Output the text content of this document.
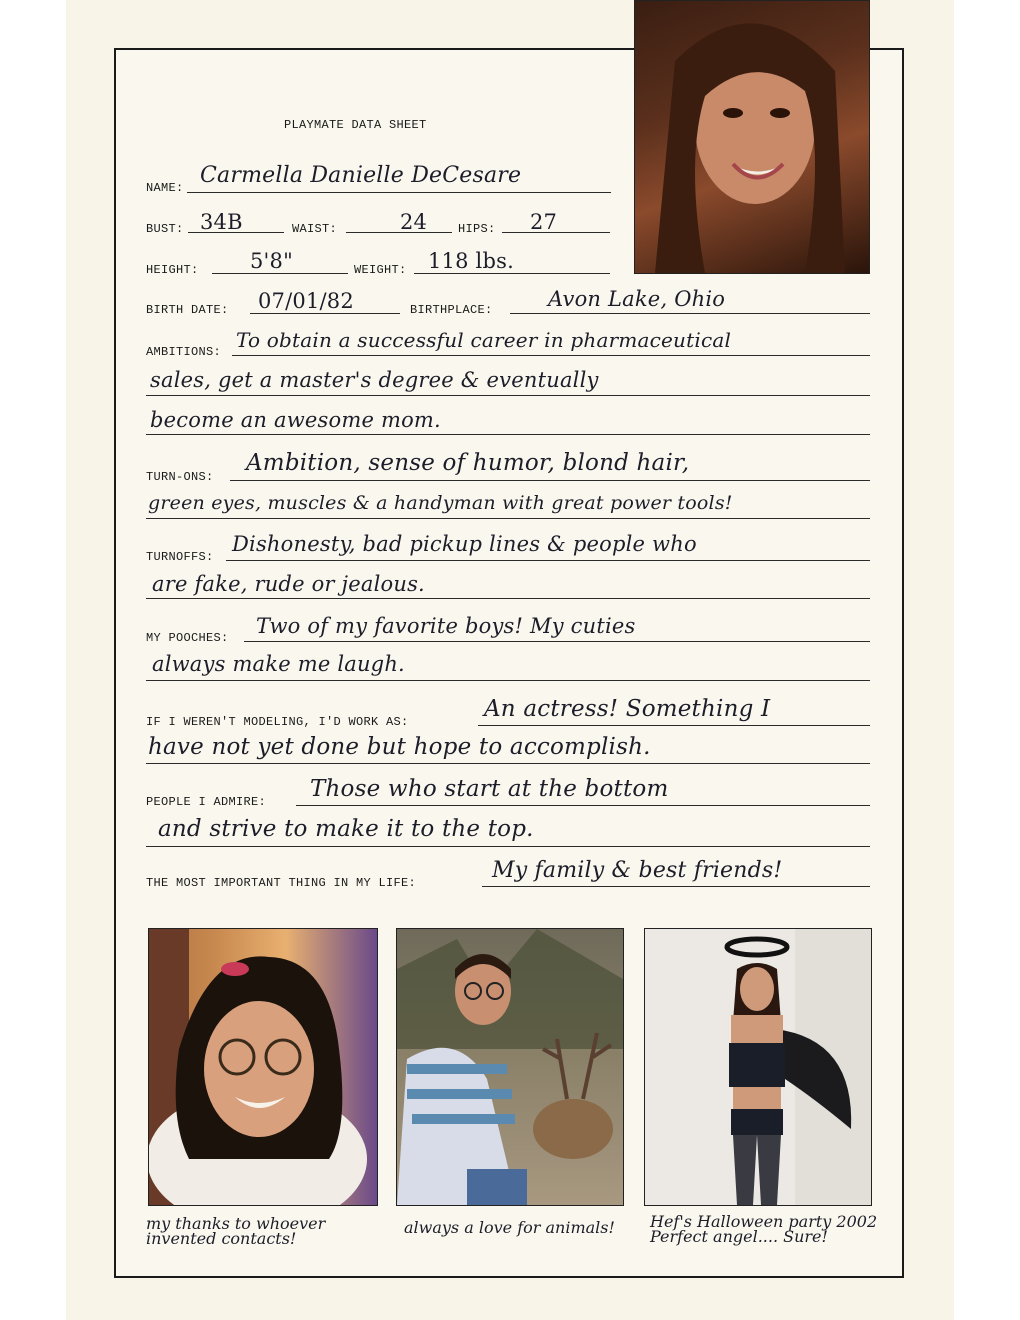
PLAYMATE DATA SHEET
NAME: Carmella Danielle DeCesare
BUST: 34B	WAIST:	24	HIPS: 27
HEIGHT: 5'8"	WEIGHT: 118 lbs.
BIRTH DATE: 07/01/82	BIRTHPLACE:	Avon Lake, Ohio
AMBITIONS: To obtain a successful career in pharmaceutical
sales, get a master's degree & eventually
become an awesome mom.
TURN-ONS:
Ambition, sense of humor, blond hair,
green eyes, muscles & a handyman with great power tools!
TURNOFFS:
Dishonesty, bad pickup lines & people who
are fake, rude or jealous.
MY POOCHES: Two of my favorite boys! My cuties
always make me laugh.
IF I WEREN'T MODELING, I'D WORK AS:	An actress! Something I
have not yet done but hope to accomplish.
PEOPLE I ADMIRE: Those who start at the bottom
and strive to make it to the top.
THE MOST IMPORTANT THING IN MY LIFE:	My family & best friends!
my thanks to whoever invented contacts!
always a love for animals!	Hef's Halloween party 2002 Perfect angel.... Sure!
